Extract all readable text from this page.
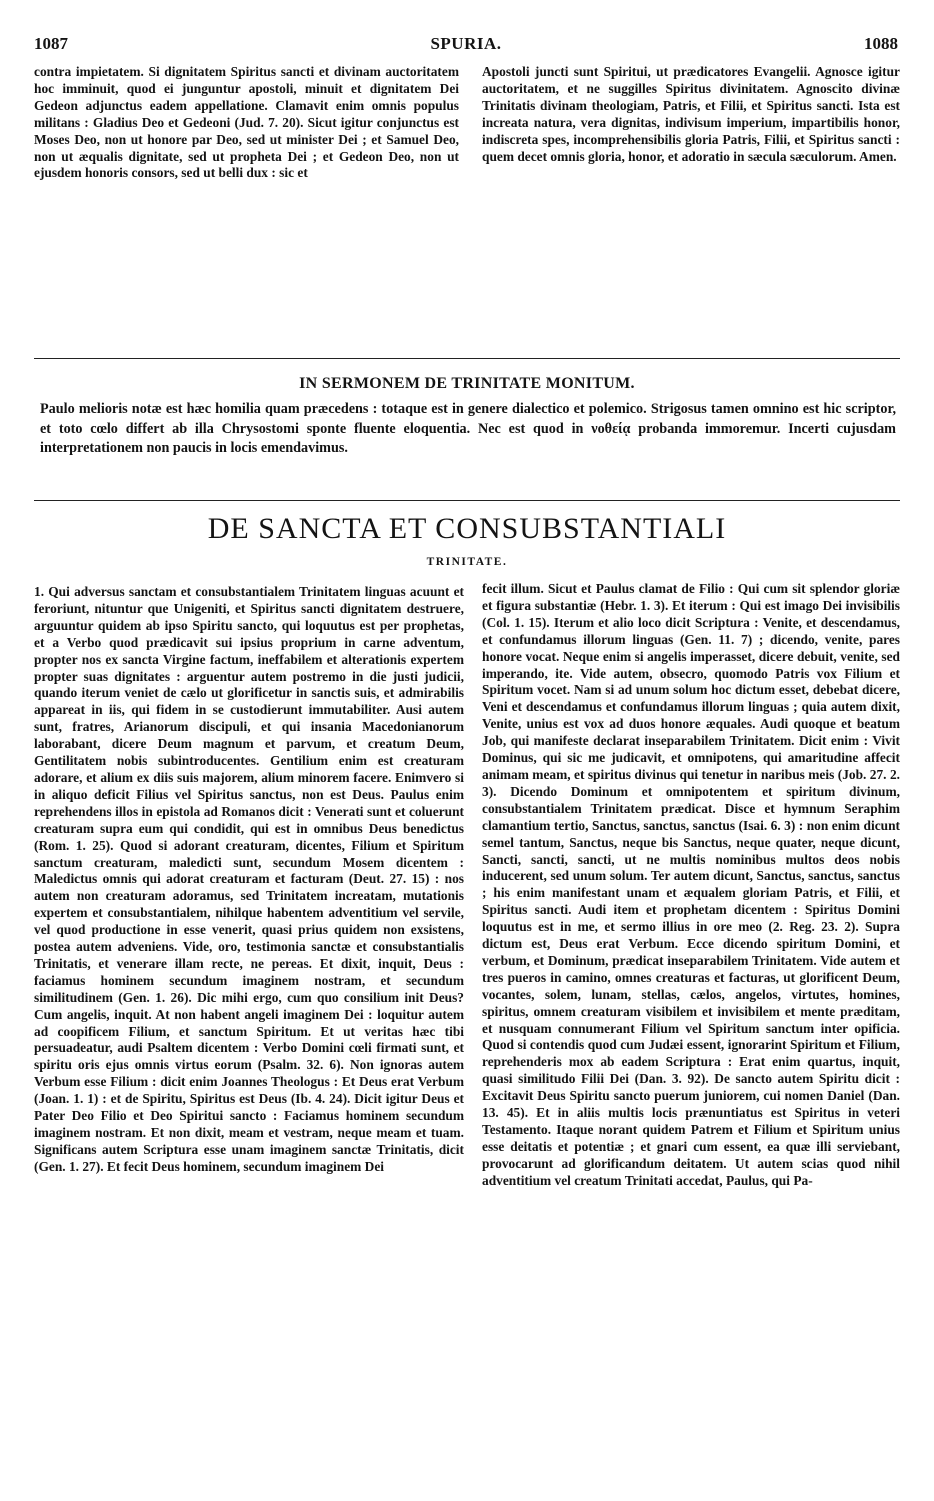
1087	SPURIA.	1088

contra impietatem. Si dignitatem Spiritus sancti et divinam auctoritatem hoc imminuit, quod ei junguntur apostoli, minuit et dignitatem Dei Gedeon adjunctus eadem appellatione. Clamavit enim omnis populus militans : Gladius Deo et Gedeoni (Jud. 7. 20). Sicut igitur conjunctus est Moses Deo, non ut honore par Deo, sed ut minister Dei ; et Samuel Deo, non ut æqualis dignitate, sed ut propheta Dei ; et Gedeon Deo, non ut ejusdem honoris consors, sed ut belli dux : sic et

Apostoli juncti sunt Spiritui, ut prædicatores Evangelii. Agnosce igitur auctoritatem, et ne suggilles Spiritus divinitatem. Agnoscito divinæ Trinitatis divinam theologiam, Patris, et Filii, et Spiritus sancti. Ista est increata natura, vera dignitas, indivisum imperium, impartibilis honor, indiscreta spes, incomprehensibilis gloria Patris, Filii, et Spiritus sancti : quem decet omnis gloria, honor, et adoratio in sæcula sæculorum. Amen.

IN SERMONEM DE TRINITATE MONITUM.
Paulo melioris notæ est hæc homilia quam præcedens : totaque est in genere dialectico et polemico. Strigosus tamen omnino est hic scriptor, et toto cœlo differt ab illa Chrysostomi sponte fluente eloquentia. Nec est quod in νοθείᾳ probanda immoremur. Incerti cujusdam interpretationem non paucis in locis emendavimus.
DE SANCTA ET CONSUBSTANTIALI
TRINITATE.

1. Qui adversus sanctam et consubstantialem Trinitatem linguas acuunt et feroriunt, nituntur que Unigeniti, et Spiritus sancti dignitatem destruere, arguuntur quidem ab ipso Spiritu sancto, qui loquutus est per prophetas, et a Verbo quod prædicavit sui ipsius proprium in carne adventum, propter nos ex sancta Virgine factum, ineffabilem et alterationis expertem propter suas dignitates : arguentur autem postremo in die justi judicii, quando iterum veniet de cælo ut glorificetur in sanctis suis, et admirabilis appareat in iis, qui fidem in se custodierunt immutabiliter. Ausi autem sunt, fratres, Arianorum discipuli, et qui insania Macedonianorum laborabant, dicere Deum magnum et parvum, et creatum Deum, Gentilitatem nobis subintroducentes. Gentilium enim est creaturam adorare, et alium ex diis suis majorem, alium minorem facere. Enimvero si in aliquo deficit Filius vel Spiritus sanctus, non est Deus. Paulus enim reprehendens illos in epistola ad Romanos dicit : Venerati sunt et coluerunt creaturam supra eum qui condidit, qui est in omnibus Deus benedictus (Rom. 1. 25). Quod si adorant creaturam, dicentes, Filium et Spiritum sanctum creaturam, maledicti sunt, secundum Mosem dicentem : Maledictus omnis qui adorat creaturam et facturam (Deut. 27. 15) : nos autem non creaturam adoramus, sed Trinitatem increatam, mutationis expertem et consubstantialem, nihilque habentem adventitium vel servile, vel quod productione in esse venerit, quasi prius quidem non exsistens, postea autem adveniens. Vide, oro, testimonia sanctæ et consubstantialis Trinitatis, et venerare illam recte, ne pereas. Et dixit, inquit, Deus : faciamus hominem secundum imaginem nostram, et secundum similitudinem (Gen. 1. 26). Dic mihi ergo, cum quo consilium init Deus? Cum angelis, inquit. At non habent angeli imaginem Dei : loquitur autem ad coopificem Filium, et sanctum Spiritum. Et ut veritas hæc tibi persuadeatur, audi Psaltem dicentem : Verbo Domini cœli firmati sunt, et spiritu oris ejus omnis virtus eorum (Psalm. 32. 6). Non ignoras autem Verbum esse Filium : dicit enim Joannes Theologus : Et Deus erat Verbum (Joan. 1. 1) : et de Spiritu, Spiritus est Deus (Ib. 4. 24). Dicit igitur Deus et Pater Deo Filio et Deo Spiritui sancto : Faciamus hominem secundum imaginem nostram. Et non dixit, meam et vestram, neque meam et tuam. Significans autem Scriptura esse unam imaginem sanctæ Trinitatis, dicit (Gen. 1. 27). Et fecit Deus hominem, secundum imaginem Dei

fecit illum. Sicut et Paulus clamat de Filio : Qui cum sit splendor gloriæ et figura substantiæ (Hebr. 1. 3). Et iterum : Qui est imago Dei invisibilis (Col. 1. 15). Iterum et alio loco dicit Scriptura : Venite, et descendamus, et confundamus illorum linguas (Gen. 11. 7) ; dicendo, venite, pares honore vocat. Neque enim si angelis imperasset, dicere debuit, venite, sed imperando, ite. Vide autem, obsecro, quomodo Patris vox Filium et Spiritum vocet. Nam si ad unum solum hoc dictum esset, debebat dicere, Veni et descendamus et confundamus illorum linguas ; quia autem dixit, Venite, unius est vox ad duos honore æquales. Audi quoque et beatum Job, qui manifeste declarat inseparabilem Trinitatem. Dicit enim : Vivit Dominus, qui sic me judicavit, et omnipotens, qui amaritudine affecit animam meam, et spiritus divinus qui tenetur in naribus meis (Job. 27. 2. 3). Dicendo Dominum et omnipotentem et spiritum divinum, consubstantialem Trinitatem prædicat. Disce et hymnum Seraphim clamantium tertio, Sanctus, sanctus, sanctus (Isai. 6. 3) : non enim dicunt semel tantum, Sanctus, neque bis Sanctus, neque quater, neque dicunt, Sancti, sancti, sancti, ut ne multis nominibus multos deos nobis inducerent, sed unum solum. Ter autem dicunt, Sanctus, sanctus, sanctus ; his enim manifestant unam et æqualem gloriam Patris, et Filii, et Spiritus sancti. Audi item et prophetam dicentem : Spiritus Domini loquutus est in me, et sermo illius in ore meo (2. Reg. 23. 2). Supra dictum est, Deus erat Verbum. Ecce dicendo spiritum Domini, et verbum, et Dominum, prædicat inseparabilem Trinitatem. Vide autem et tres pueros in camino, omnes creaturas et facturas, ut glorificent Deum, vocantes, solem, lunam, stellas, cælos, angelos, virtutes, homines, spiritus, omnem creaturam visibilem et invisibilem et mente præditam, et nusquam connumerant Filium vel Spiritum sanctum inter opificia. Quod si contendis quod cum Judæi essent, ignorarint Spiritum et Filium, reprehenderis mox ab eadem Scriptura : Erat enim quartus, inquit, quasi similitudo Filii Dei (Dan. 3. 92). De sancto autem Spiritu dicit : Excitavit Deus Spiritu sancto puerum juniorem, cui nomen Daniel (Dan. 13. 45). Et in aliis multis locis prænuntiatus est Spiritus in veteri Testamento. Itaque norant quidem Patrem et Filium et Spiritum unius esse deitatis et potentiæ ; et gnari cum essent, ea quæ illi serviebant, provocarunt ad glorificandum deitatem. Ut autem scias quod nihil adventitium vel creatum Trinitati accedat, Paulus, qui Pa-
